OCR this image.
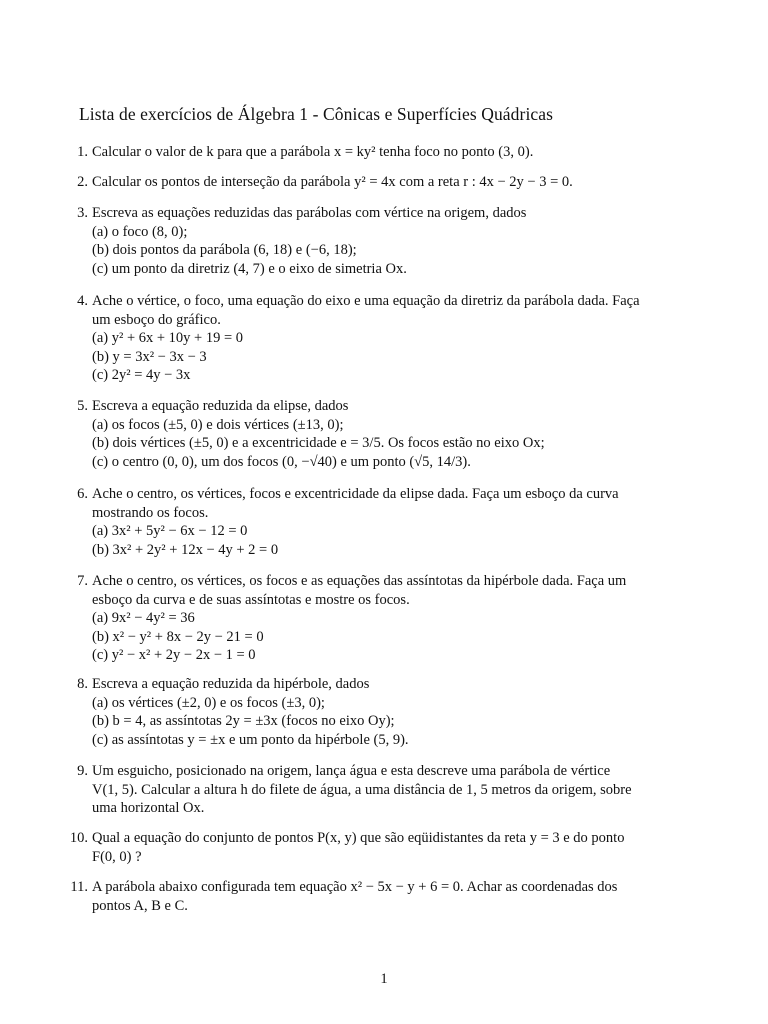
Lista de exercícios de Álgebra 1 - Cônicas e Superfícies Quádricas
1. Calcular o valor de k para que a parábola x = ky² tenha foco no ponto (3, 0).
2. Calcular os pontos de interseção da parábola y² = 4x com a reta r : 4x − 2y − 3 = 0.
3. Escreva as equações reduzidas das parábolas com vértice na origem, dados
(a) o foco (8, 0);
(b) dois pontos da parábola (6, 18) e (−6, 18);
(c) um ponto da diretriz (4, 7) e o eixo de simetria Ox.
4. Ache o vértice, o foco, uma equação do eixo e uma equação da diretriz da parábola dada. Faça
um esboço do gráfico.
(a) y² + 6x + 10y + 19 = 0
(b) y = 3x² − 3x − 3
(c) 2y² = 4y − 3x
5. Escreva a equação reduzida da elipse, dados
(a) os focos (±5, 0) e dois vértices (±13, 0);
(b) dois vértices (±5, 0) e a excentricidade e = 3/5. Os focos estão no eixo Ox;
(c) o centro (0, 0), um dos focos (0, −√40) e um ponto (√5, 14/3).
6. Ache o centro, os vértices, focos e excentricidade da elipse dada. Faça um esboço da curva
mostrando os focos.
(a) 3x² + 5y² − 6x − 12 = 0
(b) 3x² + 2y² + 12x − 4y + 2 = 0
7. Ache o centro, os vértices, os focos e as equações das assíntotas da hipérbole dada. Faça um
esboço da curva e de suas assíntotas e mostre os focos.
(a) 9x² − 4y² = 36
(b) x² − y² + 8x − 2y − 21 = 0
(c) y² − x² + 2y − 2x − 1 = 0
8. Escreva a equação reduzida da hipérbole, dados
(a) os vértices (±2, 0) e os focos (±3, 0);
(b) b = 4, as assíntotas 2y = ±3x (focos no eixo Oy);
(c) as assíntotas y = ±x e um ponto da hipérbole (5, 9).
9. Um esguicho, posicionado na origem, lança água e esta descreve uma parábola de vértice
V(1, 5). Calcular a altura h do filete de água, a uma distância de 1, 5 metros da origem, sobre
uma horizontal Ox.
10. Qual a equação do conjunto de pontos P(x, y) que são eqüidistantes da reta y = 3 e do ponto
F(0, 0) ?
11. A parábola abaixo configurada tem equação x² − 5x − y + 6 = 0. Achar as coordenadas dos
pontos A, B e C.
1
